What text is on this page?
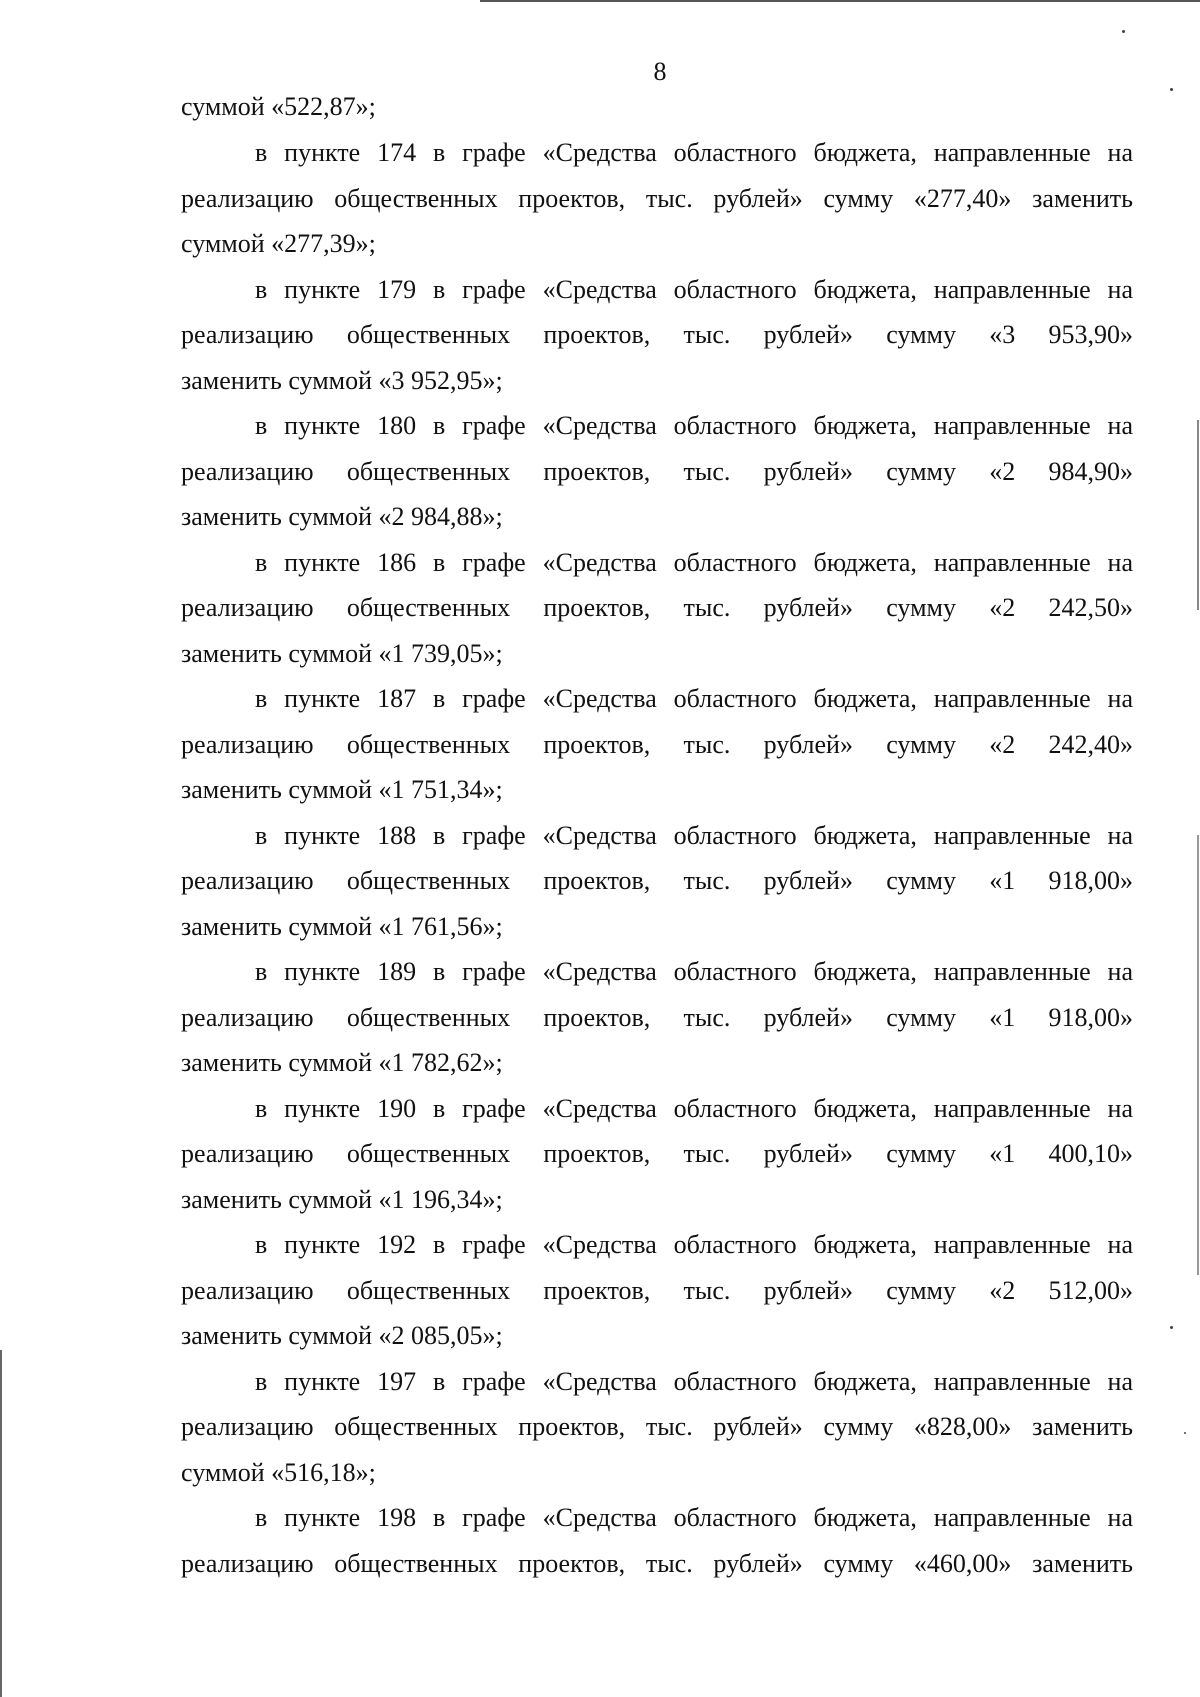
8
суммой «522,87»;
в пункте 174 в графе «Средства областного бюджета, направленные на
реализацию общественных проектов, тыс. рублей» сумму «277,40» заменить
суммой «277,39»;
в пункте 179 в графе «Средства областного бюджета, направленные на
реализацию общественных проектов, тыс. рублей» сумму «3 953,90»
заменить суммой «3 952,95»;
в пункте 180 в графе «Средства областного бюджета, направленные на
реализацию общественных проектов, тыс. рублей» сумму «2 984,90»
заменить суммой «2 984,88»;
в пункте 186 в графе «Средства областного бюджета, направленные на
реализацию общественных проектов, тыс. рублей» сумму «2 242,50»
заменить суммой «1 739,05»;
в пункте 187 в графе «Средства областного бюджета, направленные на
реализацию общественных проектов, тыс. рублей» сумму «2 242,40»
заменить суммой «1 751,34»;
в пункте 188 в графе «Средства областного бюджета, направленные на
реализацию общественных проектов, тыс. рублей» сумму «1 918,00»
заменить суммой «1 761,56»;
в пункте 189 в графе «Средства областного бюджета, направленные на
реализацию общественных проектов, тыс. рублей» сумму «1 918,00»
заменить суммой «1 782,62»;
в пункте 190 в графе «Средства областного бюджета, направленные на
реализацию общественных проектов, тыс. рублей» сумму «1 400,10»
заменить суммой «1 196,34»;
в пункте 192 в графе «Средства областного бюджета, направленные на
реализацию общественных проектов, тыс. рублей» сумму «2 512,00»
заменить суммой «2 085,05»;
в пункте 197 в графе «Средства областного бюджета, направленные на
реализацию общественных проектов, тыс. рублей» сумму «828,00» заменить
суммой «516,18»;
в пункте 198 в графе «Средства областного бюджета, направленные на
реализацию общественных проектов, тыс. рублей» сумму «460,00» заменить
